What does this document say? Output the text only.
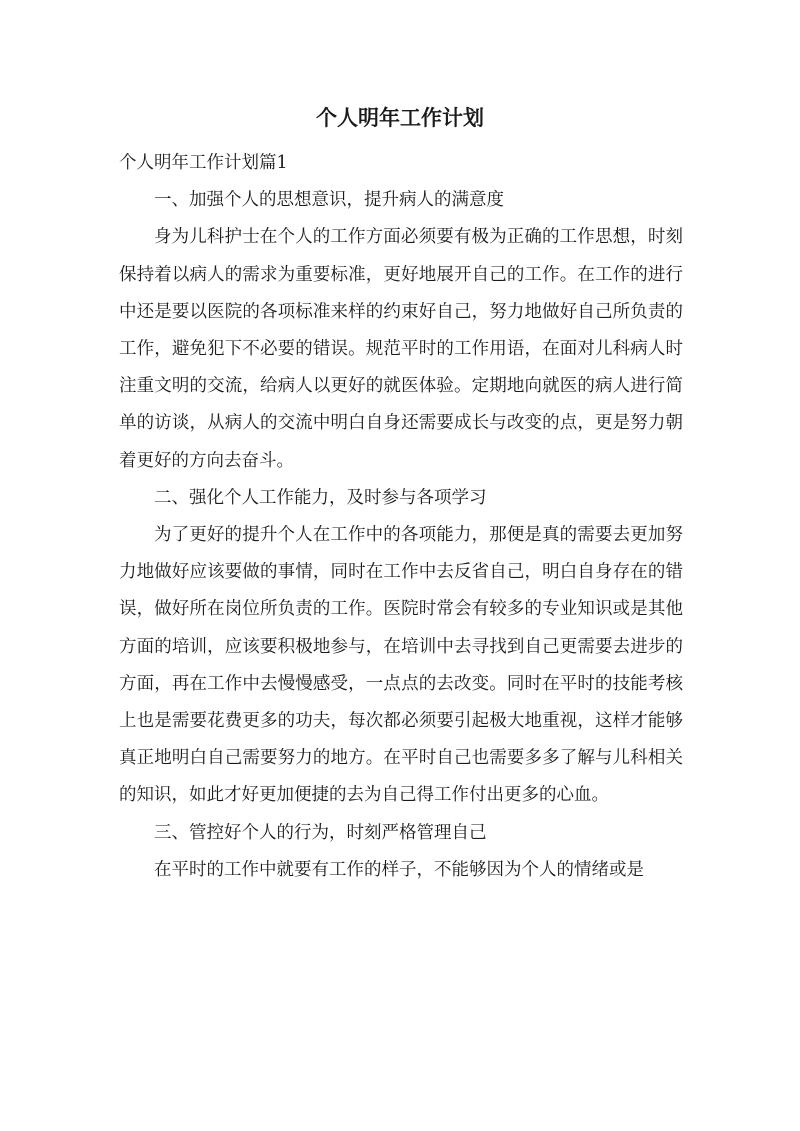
个人明年工作计划

个人明年工作计划篇1

一、加强个人的思想意识，提升病人的满意度

身为儿科护士在个人的工作方面必须要有极为正确的工作思想，时刻保持着以病人的需求为重要标准，更好地展开自己的工作。在工作的进行中还是要以医院的各项标准来样的约束好自己，努力地做好自己所负责的工作，避免犯下不必要的错误。规范平时的工作用语，在面对儿科病人时注重文明的交流，给病人以更好的就医体验。定期地向就医的病人进行简单的访谈，从病人的交流中明白自身还需要成长与改变的点，更是努力朝着更好的方向去奋斗。

二、强化个人工作能力，及时参与各项学习

为了更好的提升个人在工作中的各项能力，那便是真的需要去更加努力地做好应该要做的事情，同时在工作中去反省自己，明白自身存在的错误，做好所在岗位所负责的工作。医院时常会有较多的专业知识或是其他方面的培训，应该要积极地参与，在培训中去寻找到自己更需要去进步的方面，再在工作中去慢慢感受，一点点的去改变。同时在平时的技能考核上也是需要花费更多的功夫，每次都必须要引起极大地重视，这样才能够真正地明白自己需要努力的地方。在平时自己也需要多多了解与儿科相关的知识，如此才好更加便捷的去为自己得工作付出更多的心血。

三、管控好个人的行为，时刻严格管理自己

在平时的工作中就要有工作的样子，不能够因为个人的情绪或是
